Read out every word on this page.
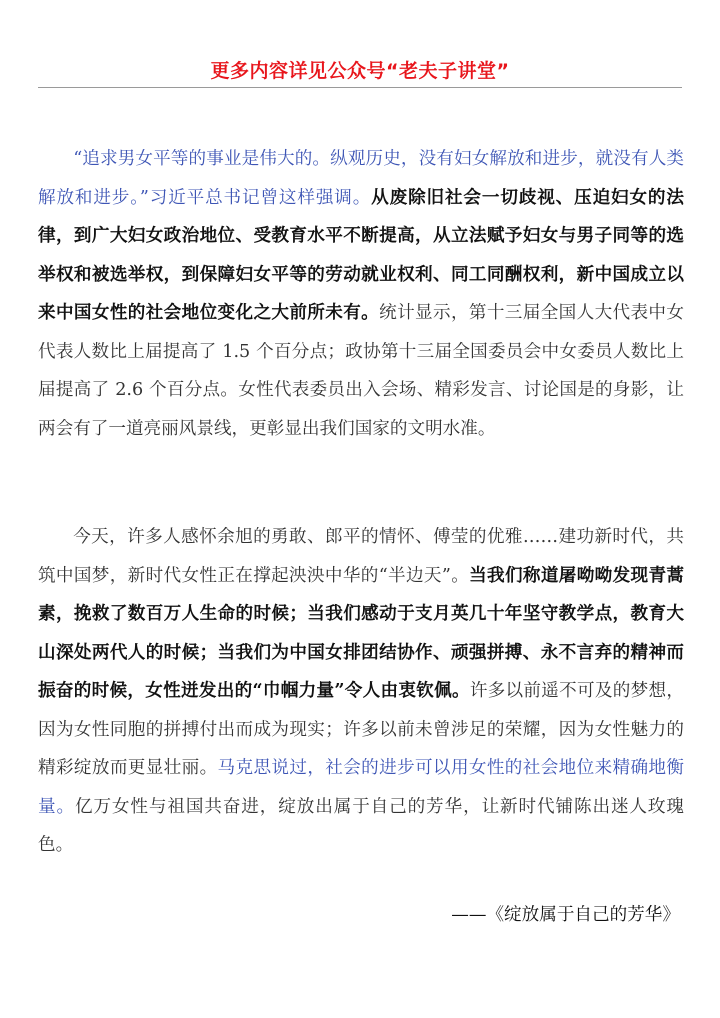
更多内容详见公众号“老夫子讲堂”

“追求男女平等的事业是伟大的。纵观历史，没有妇女解放和进步，就没有人类解放和进步。”习近平总书记曾这样强调。从废除旧社会一切歧视、压迫妇女的法律，到广大妇女政治地位、受教育水平不断提高，从立法赋予妇女与男子同等的选举权和被选举权，到保障妇女平等的劳动就业权利、同工同酬权利，新中国成立以来中国女性的社会地位变化之大前所未有。统计显示，第十三届全国人大代表中女代表人数比上届提高了 1.5 个百分点；政协第十三届全国委员会中女委员人数比上届提高了 2.6 个百分点。女性代表委员出入会场、精彩发言、讨论国是的身影，让两会有了一道亮丽风景线，更彰显出我们国家的文明水准。

今天，许多人感怀余旭的勇敢、郎平的情怀、傅莹的优雅……建功新时代，共筑中国梦，新时代女性正在撑起泱泱中华的“半边天”。当我们称道屠呦呦发现青蒿素，挽救了数百万人生命的时候；当我们感动于支月英几十年坚守教学点，教育大山深处两代人的时候；当我们为中国女排团结协作、顽强拼搏、永不言弃的精神而振奋的时候，女性迸发出的“巾帼力量”令人由衷钦佩。许多以前遥不可及的梦想，因为女性同胞的拼搏付出而成为现实；许多以前未曾涉足的荣耀，因为女性魅力的精彩绽放而更显壮丽。马克思说过，社会的进步可以用女性的社会地位来精确地衡量。亿万女性与祖国共奋进，绽放出属于自己的芳华，让新时代铺陈出迷人玫瑰色。

——《绽放属于自己的芳华》
